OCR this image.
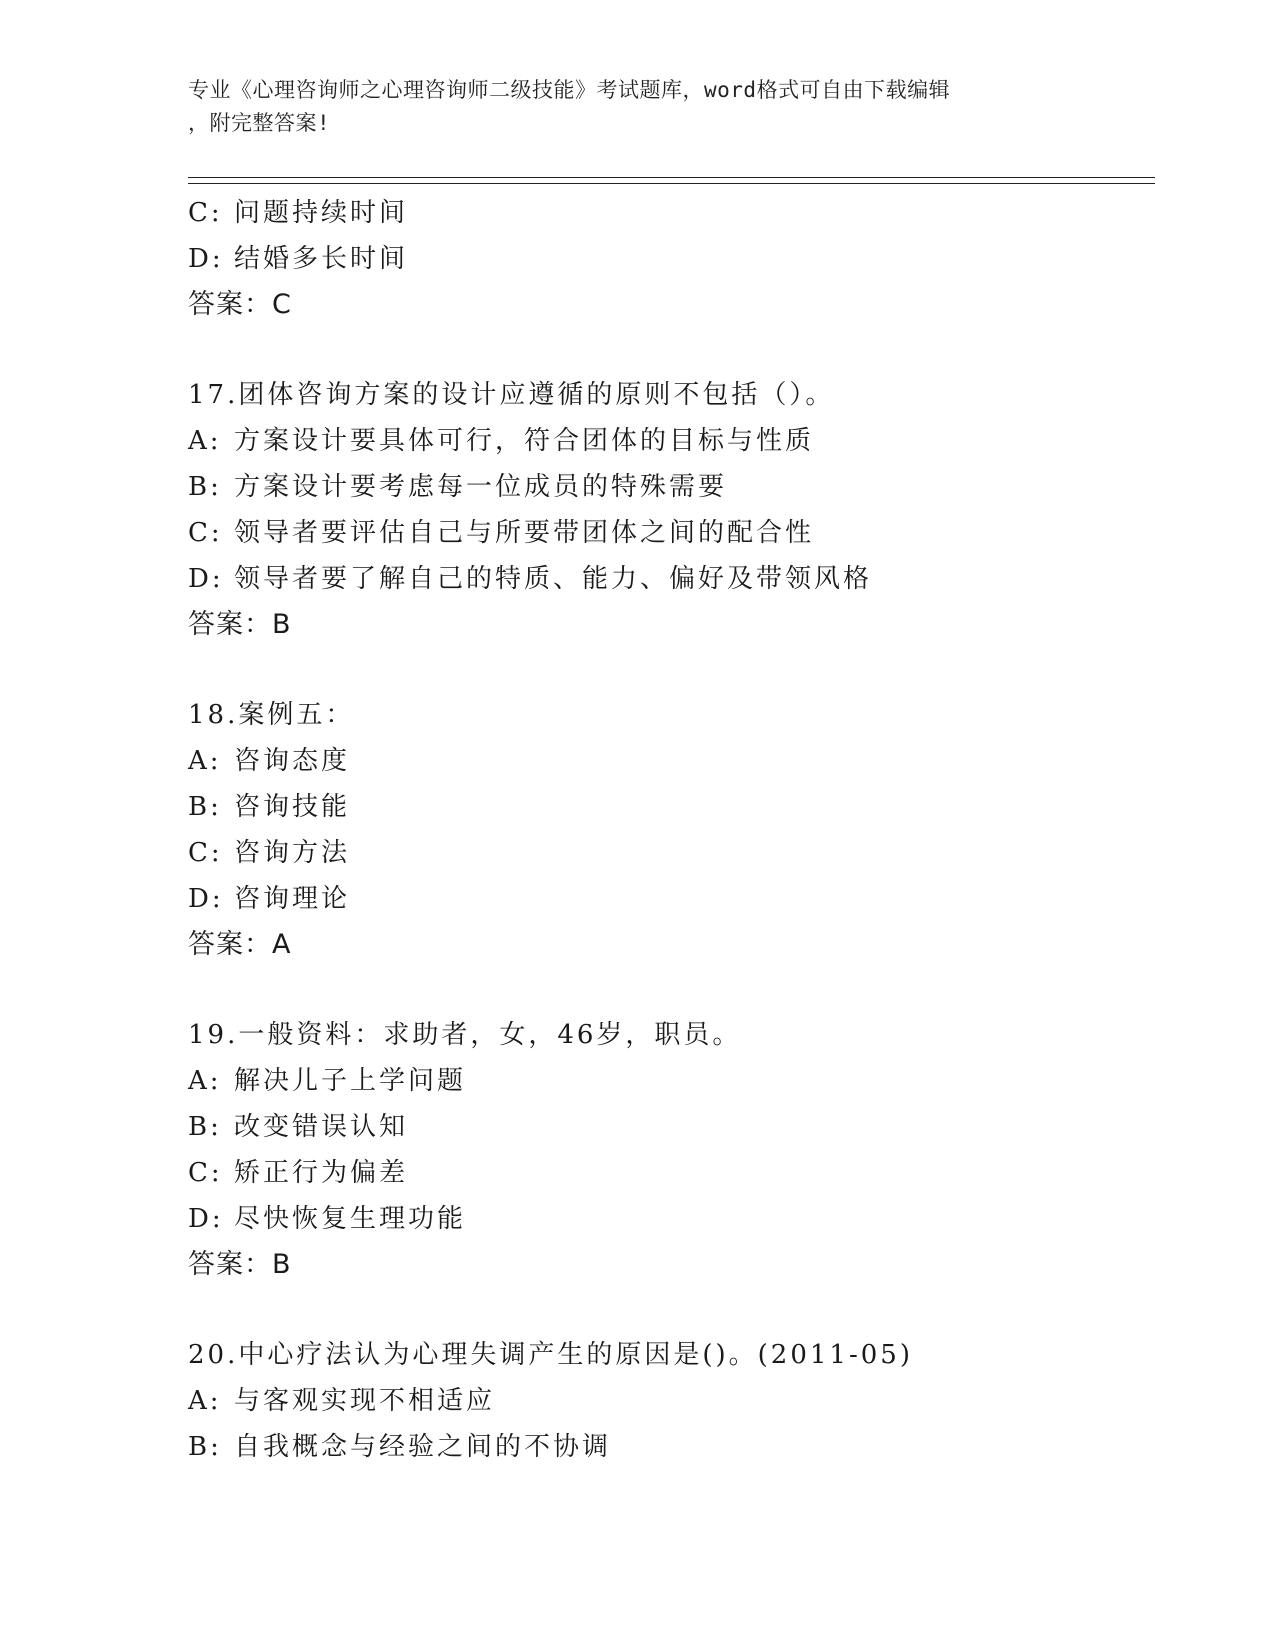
专业《心理咨询师之心理咨询师二级技能》考试题库，word格式可自由下载编辑
，附完整答案!
C: 问题持续时间
D: 结婚多长时间
答案：C
17.团体咨询方案的设计应遵循的原则不包括（）。
A: 方案设计要具体可行，符合团体的目标与性质
B: 方案设计要考虑每一位成员的特殊需要
C: 领导者要评估自己与所要带团体之间的配合性
D: 领导者要了解自己的特质、能力、偏好及带领风格
答案：B
18.案例五：
A: 咨询态度
B: 咨询技能
C: 咨询方法
D: 咨询理论
答案：A
19.一般资料：求助者，女，46岁，职员。
A: 解决儿子上学问题
B: 改变错误认知
C: 矫正行为偏差
D: 尽快恢复生理功能
答案：B
20.中心疗法认为心理失调产生的原因是()。(2011-05)
A: 与客观实现不相适应
B: 自我概念与经验之间的不协调
